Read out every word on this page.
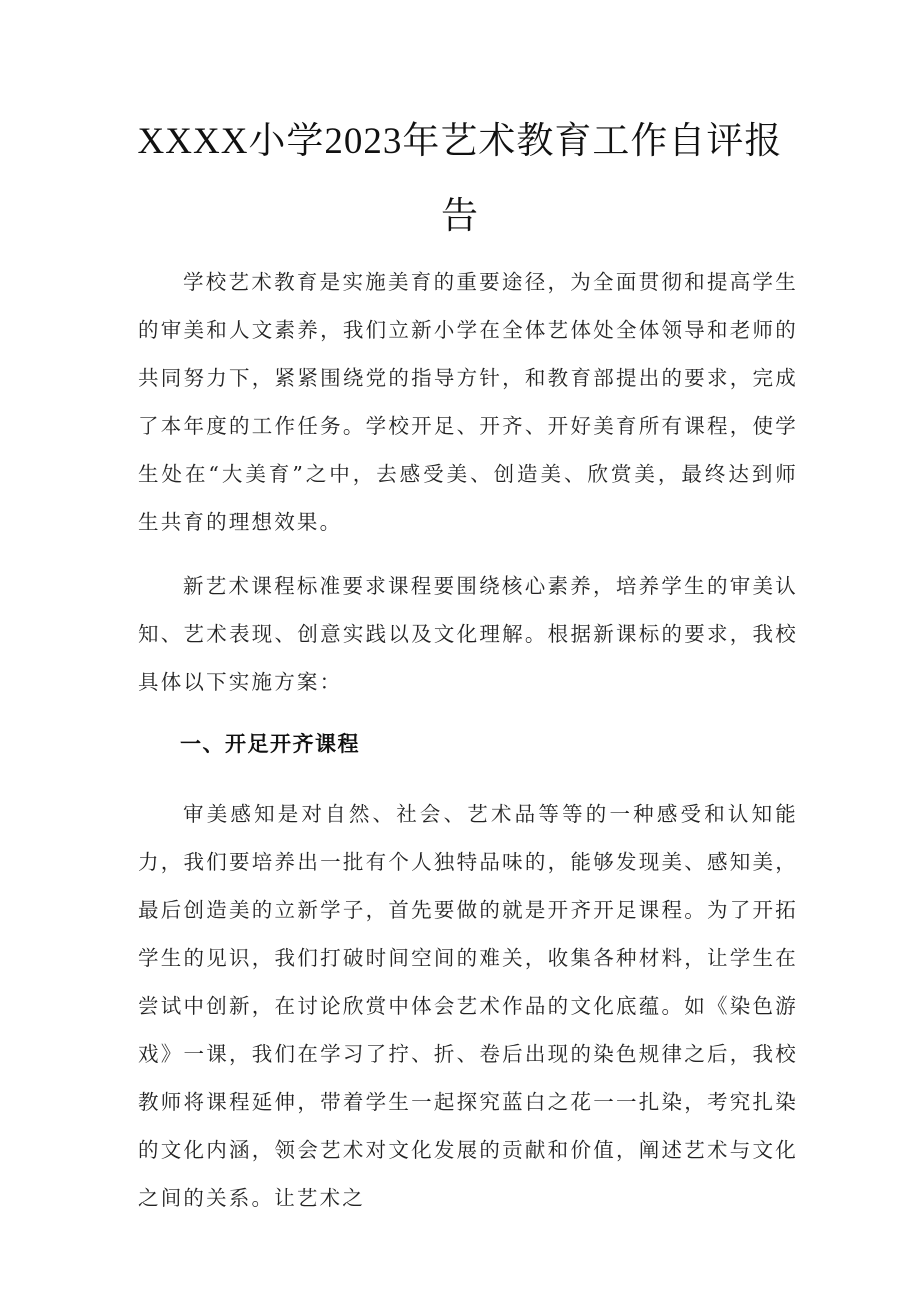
XXXX小学2023年艺术教育工作自评报
告

学校艺术教育是实施美育的重要途径，为全面贯彻和提高学生的审美和人文素养，我们立新小学在全体艺体处全体领导和老师的共同努力下，紧紧围绕党的指导方针，和教育部提出的要求，完成了本年度的工作任务。学校开足、开齐、开好美育所有课程，使学生处在“大美育”之中，去感受美、创造美、欣赏美，最终达到师生共育的理想效果。

新艺术课程标准要求课程要围绕核心素养，培养学生的审美认知、艺术表现、创意实践以及文化理解。根据新课标的要求，我校具体以下实施方案：

一、开足开齐课程

审美感知是对自然、社会、艺术品等等的一种感受和认知能力，我们要培养出一批有个人独特品味的，能够发现美、感知美，最后创造美的立新学子，首先要做的就是开齐开足课程。为了开拓学生的见识，我们打破时间空间的难关，收集各种材料，让学生在尝试中创新，在讨论欣赏中体会艺术作品的文化底蕴。如《染色游戏》一课，我们在学习了拧、折、卷后出现的染色规律之后，我校教师将课程延伸，带着学生一起探究蓝白之花一一扎染，考究扎染的文化内涵，领会艺术对文化发展的贡献和价值，阐述艺术与文化之间的关系。让艺术之
